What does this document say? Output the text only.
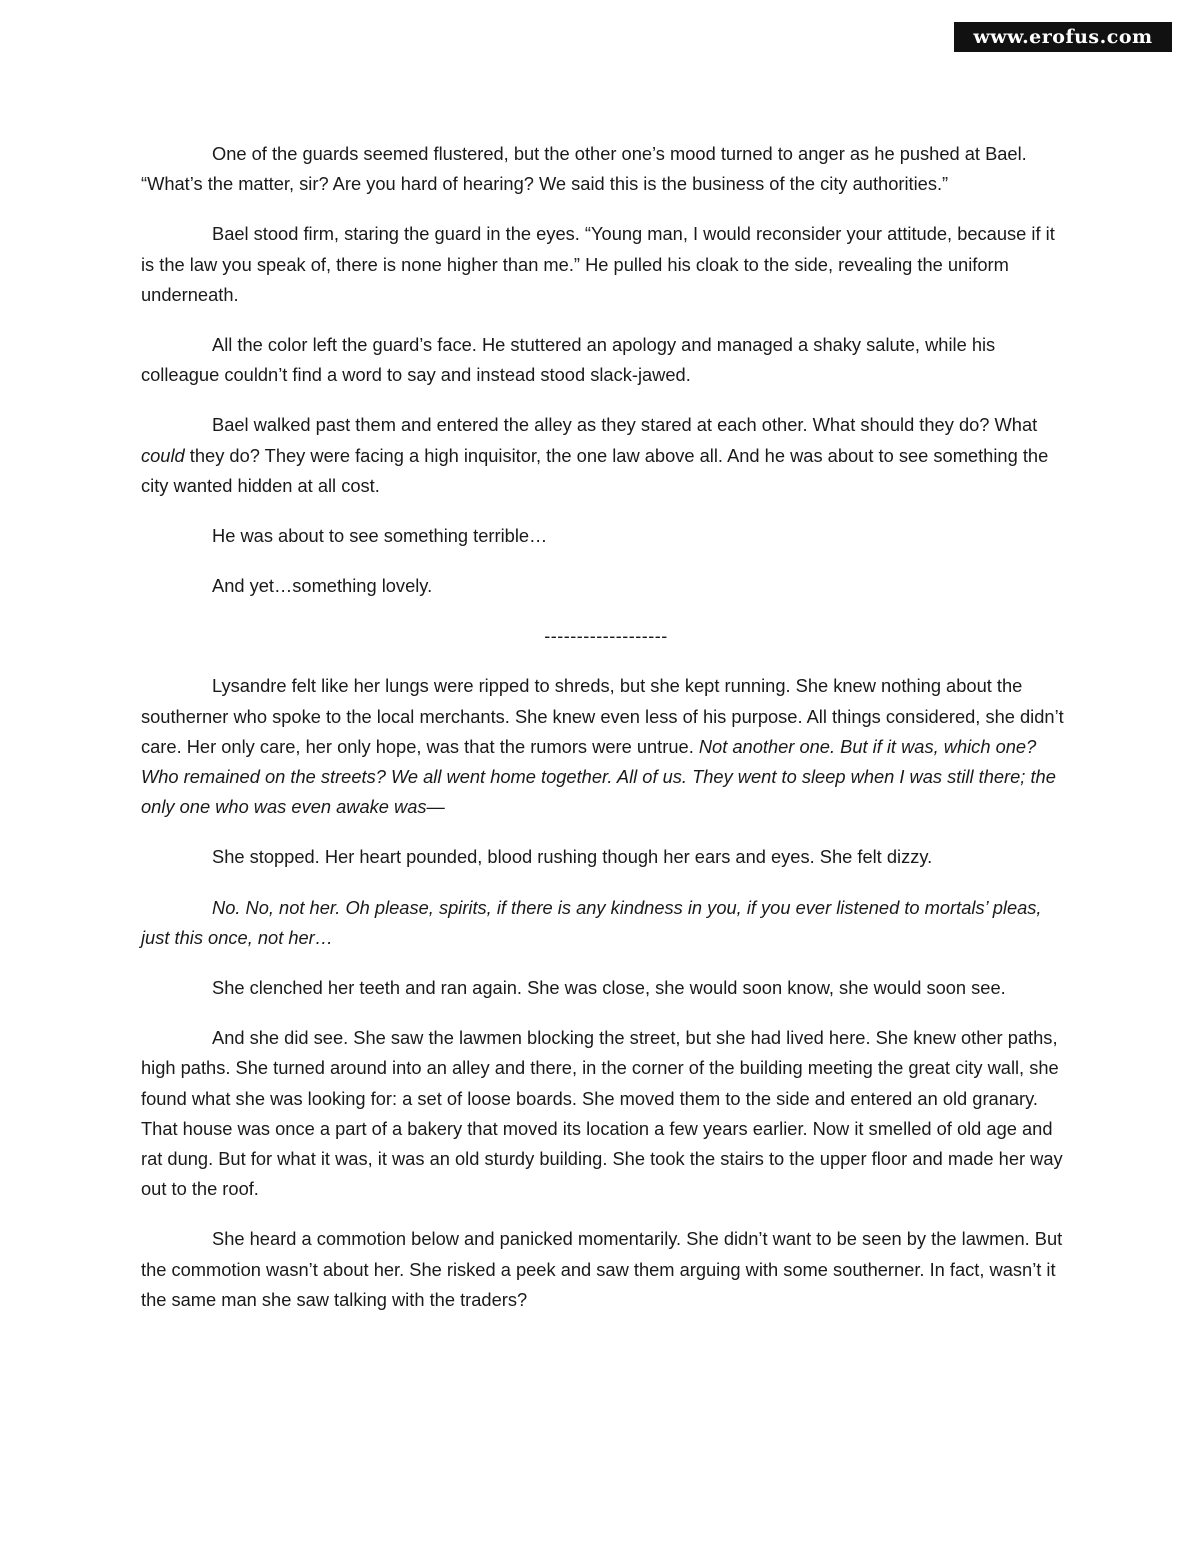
www.erofus.com

One of the guards seemed flustered, but the other one’s mood turned to anger as he pushed at Bael. “What’s the matter, sir? Are you hard of hearing? We said this is the business of the city authorities.”

Bael stood firm, staring the guard in the eyes. “Young man, I would reconsider your attitude, because if it is the law you speak of, there is none higher than me.” He pulled his cloak to the side, revealing the uniform underneath.

All the color left the guard’s face. He stuttered an apology and managed a shaky salute, while his colleague couldn’t find a word to say and instead stood slack-jawed.

Bael walked past them and entered the alley as they stared at each other. What should they do? What could they do? They were facing a high inquisitor, the one law above all. And he was about to see something the city wanted hidden at all cost.

He was about to see something terrible…

And yet…something lovely.

-------------------

Lysandre felt like her lungs were ripped to shreds, but she kept running. She knew nothing about the southerner who spoke to the local merchants. She knew even less of his purpose. All things considered, she didn’t care. Her only care, her only hope, was that the rumors were untrue. Not another one. But if it was, which one? Who remained on the streets? We all went home together. All of us. They went to sleep when I was still there; the only one who was even awake was—

She stopped. Her heart pounded, blood rushing though her ears and eyes. She felt dizzy.

No. No, not her. Oh please, spirits, if there is any kindness in you, if you ever listened to mortals’ pleas, just this once, not her…

She clenched her teeth and ran again. She was close, she would soon know, she would soon see.

And she did see. She saw the lawmen blocking the street, but she had lived here. She knew other paths, high paths. She turned around into an alley and there, in the corner of the building meeting the great city wall, she found what she was looking for: a set of loose boards. She moved them to the side and entered an old granary. That house was once a part of a bakery that moved its location a few years earlier. Now it smelled of old age and rat dung. But for what it was, it was an old sturdy building. She took the stairs to the upper floor and made her way out to the roof.

She heard a commotion below and panicked momentarily. She didn’t want to be seen by the lawmen. But the commotion wasn’t about her. She risked a peek and saw them arguing with some southerner. In fact, wasn’t it the same man she saw talking with the traders?
